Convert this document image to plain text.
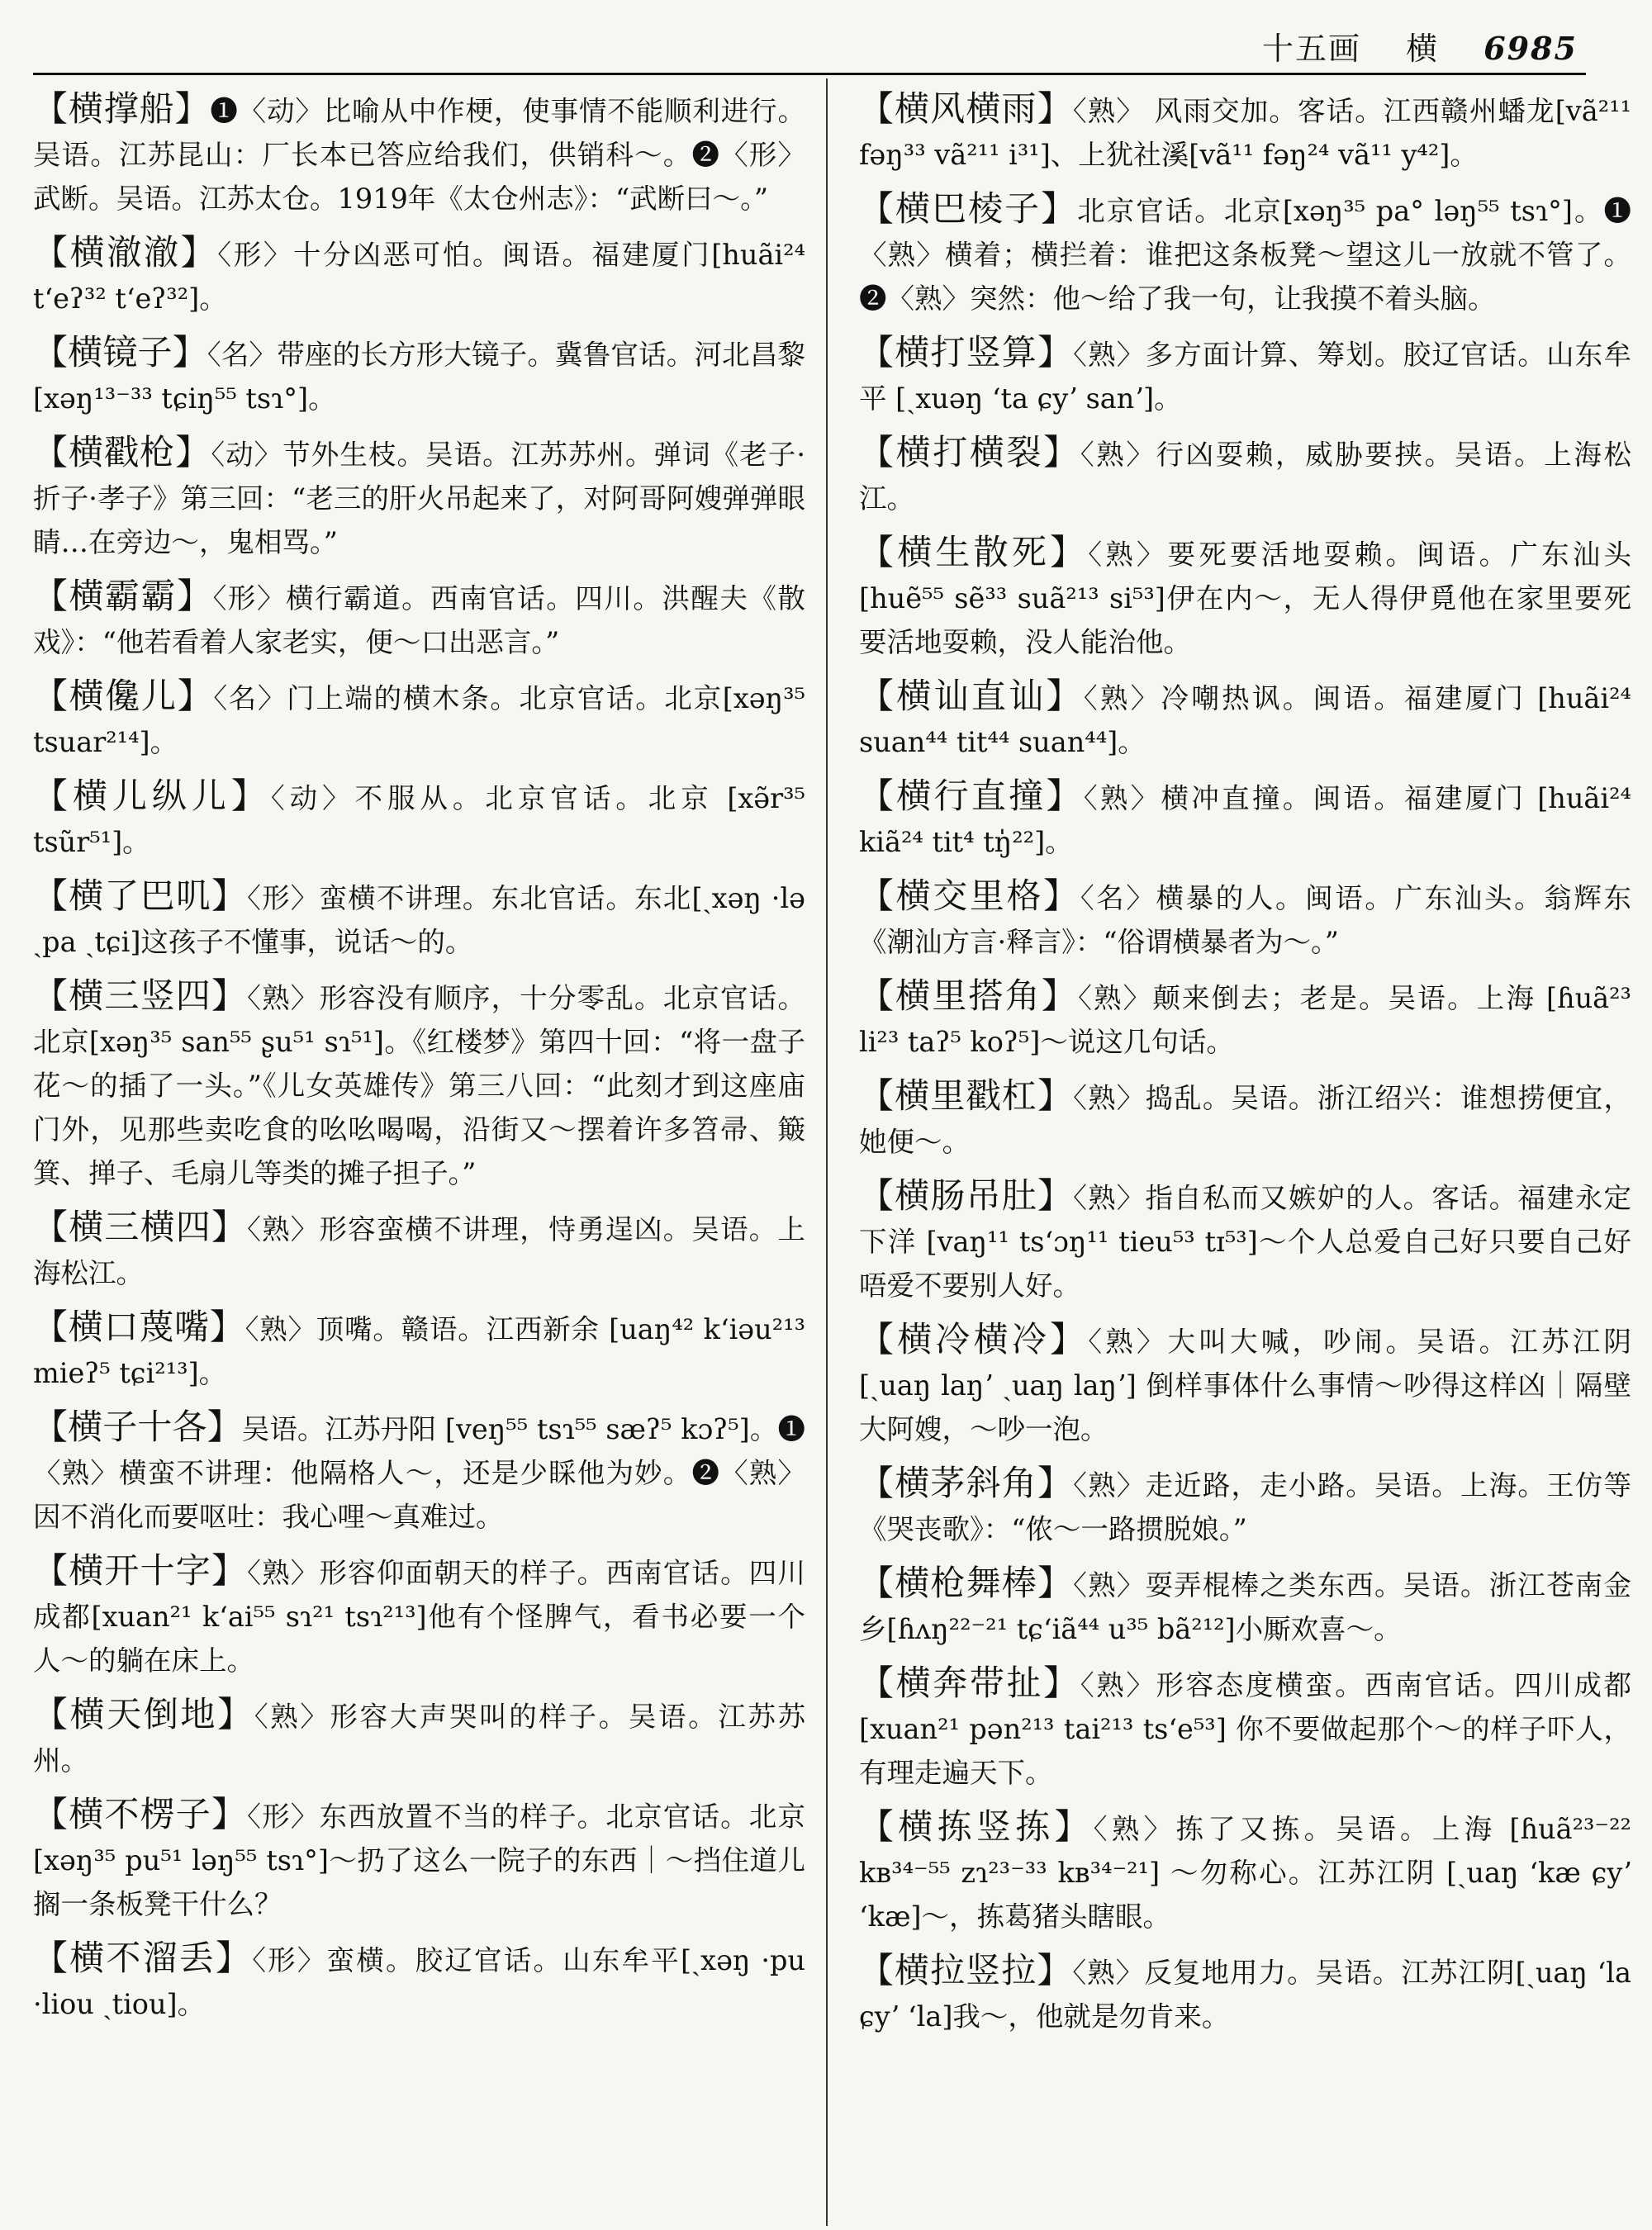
十五画 横 6985
【横撑船】❶〈动〉比喻从中作梗，使事情不能顺利进行。吴语。江苏昆山：厂长本已答应给我们，供销科～。❷〈形〉武断。吴语。江苏太仓。1919年《太仓州志》：“武断曰～。”
【横澈澈】〈形〉十分凶恶可怕。闽语。福建厦门[huãi²⁴ tʻeʔ³² tʻeʔ³²]。
【横镜子】〈名〉带座的长方形大镜子。冀鲁官话。河北昌黎[xəŋ¹³⁻³³ tɕiŋ⁵⁵ tsɿ°]。
【横戳枪】〈动〉节外生枝。吴语。江苏苏州。弹词《老子·折子·孝子》第三回：“老三的肝火吊起来了，对阿哥阿嫂弹弹眼睛…在旁边～，鬼相骂。”
【横霸霸】〈形〉横行霸道。西南官话。四川。洪醒夫《散戏》：“他若看着人家老实，便～口出恶言。”
【横儳儿】〈名〉门上端的横木条。北京官话。北京[xəŋ³⁵ tsuar²¹⁴]。
【横儿纵儿】〈动〉不服从。北京官话。北京 [xə̃r³⁵ tsũr⁵¹]。
【横了巴叽】〈形〉蛮横不讲理。东北官话。东北[ˏxəŋ ·lə ˏpa ˏtɕi]这孩子不懂事，说话～的。
【横三竖四】〈熟〉形容没有顺序，十分零乱。北京官话。北京[xəŋ³⁵ san⁵⁵ ʂu⁵¹ sɿ⁵¹]。《红楼梦》第四十回：“将一盘子花～的插了一头。”《儿女英雄传》第三八回：“此刻才到这座庙门外，见那些卖吃食的吆吆喝喝，沿街又～摆着许多笤帚、簸箕、掸子、毛扇儿等类的摊子担子。”
【横三横四】〈熟〉形容蛮横不讲理，恃勇逞凶。吴语。上海松江。
【横口蔑嘴】〈熟〉顶嘴。赣语。江西新余 [uaŋ⁴² kʻiəu²¹³ mieʔ⁵ tɕi²¹³]。
【横子十各】吴语。江苏丹阳 [veŋ⁵⁵ tsɿ⁵⁵ sæʔ⁵ kɔʔ⁵]。❶〈熟〉横蛮不讲理：他隔格人～，还是少睬他为妙。❷〈熟〉因不消化而要呕吐：我心哩～真难过。
【横开十字】〈熟〉形容仰面朝天的样子。西南官话。四川成都[xuan²¹ kʻai⁵⁵ sɿ²¹ tsɿ²¹³]他有个怪脾气，看书必要一个人～的躺在床上。
【横天倒地】〈熟〉形容大声哭叫的样子。吴语。江苏苏州。
【横不楞子】〈形〉东西放置不当的样子。北京官话。北京[xəŋ³⁵ pu⁵¹ ləŋ⁵⁵ tsɿ°]～扔了这么一院子的东西｜～挡住道儿搁一条板凳干什么？
【横不溜丢】〈形〉蛮横。胶辽官话。山东牟平[ˏxəŋ ·pu ·liou ˏtiou]。
【横风横雨】〈熟〉 风雨交加。客话。江西赣州蟠龙[vã²¹¹ fəŋ³³ vã²¹¹ i³¹]、上犹社溪[vã¹¹ fəŋ²⁴ vã¹¹ y⁴²]。
【横巴棱子】北京官话。北京[xəŋ³⁵ pa° ləŋ⁵⁵ tsɿ°]。❶〈熟〉横着；横拦着：谁把这条板凳～望这儿一放就不管了。❷〈熟〉突然：他～给了我一句，让我摸不着头脑。
【横打竖算】〈熟〉多方面计算、筹划。胶辽官话。山东牟平 [ˏxuəŋ ʻta ɕyʼ sanʼ]。
【横打横裂】〈熟〉行凶耍赖，威胁要挟。吴语。上海松江。
【横生散死】〈熟〉要死要活地耍赖。闽语。广东汕头[huẽ⁵⁵ sẽ³³ suã²¹³ si⁵³]伊在内～，无人得伊覓他在家里要死要活地耍赖，没人能治他。
【横讪直讪】〈熟〉冷嘲热讽。闽语。福建厦门 [huãi²⁴ suan⁴⁴ tit⁴⁴ suan⁴⁴]。
【横行直撞】〈熟〉横冲直撞。闽语。福建厦门 [huãi²⁴ kiã²⁴ tit⁴ tŋ̍²²]。
【横交里格】〈名〉横暴的人。闽语。广东汕头。翁辉东《潮汕方言·释言》：“俗谓横暴者为～。”
【横里搭角】〈熟〉颠来倒去；老是。吴语。上海 [ɦuã²³ li²³ taʔ⁵ koʔ⁵]～说这几句话。
【横里戳杠】〈熟〉捣乱。吴语。浙江绍兴：谁想捞便宜，她便～。
【横肠吊肚】〈熟〉指自私而又嫉妒的人。客话。福建永定下洋 [vaŋ¹¹ tsʻɔŋ¹¹ tieu⁵³ tɪ⁵³]～个人总爱自己好只要自己好唔爱不要别人好。
【横冷横冷】〈熟〉大叫大喊，吵闹。吴语。江苏江阴 [ˏuaŋ laŋʼ ˏuaŋ laŋʼ] 倒样事体什么事情～吵得这样凶｜隔壁大阿嫂，～吵一泡。
【横茅斜角】〈熟〉走近路，走小路。吴语。上海。王仿等《哭丧歌》：“侬～一路掼脱娘。”
【横枪舞棒】〈熟〉耍弄棍棒之类东西。吴语。浙江苍南金乡[ɦʌŋ²²⁻²¹ tɕʻiã⁴⁴ u³⁵ bã²¹²]小厮欢喜～。
【横奔带扯】〈熟〉形容态度横蛮。西南官话。四川成都[xuan²¹ pən²¹³ tai²¹³ tsʻe⁵³] 你不要做起那个～的样子吓人，有理走遍天下。
【横拣竖拣】〈熟〉拣了又拣。吴语。上海 [ɦuã²³⁻²² kʙ³⁴⁻⁵⁵ zɿ²³⁻³³ kʙ³⁴⁻²¹] ～勿称心。江苏江阴 [ˏuaŋ ʻkæ ɕyʼ ʻkæ]～，拣葛猪头瞎眼。
【横拉竖拉】〈熟〉反复地用力。吴语。江苏江阴[ˏuaŋ ʻla ɕyʼ ʻla]我～，他就是勿肯来。
